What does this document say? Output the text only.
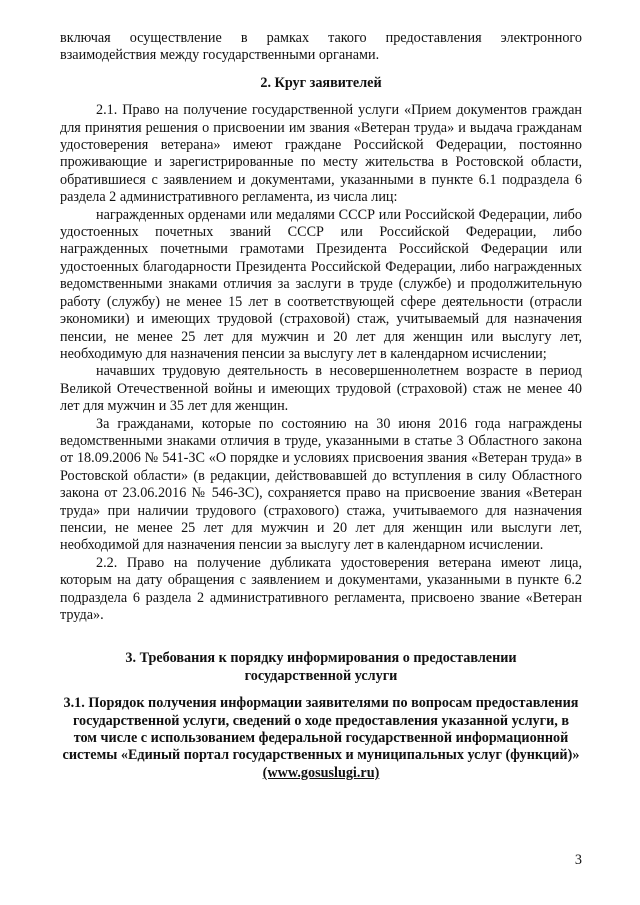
включая осуществление в рамках такого предоставления электронного взаимодействия между государственными органами.

2. Круг заявителей

2.1. Право на получение государственной услуги «Прием документов граждан для принятия решения о присвоении им звания «Ветеран труда» и выдача гражданам удостоверения ветерана» имеют граждане Российской Федерации, постоянно проживающие и зарегистрированные по месту жительства в Ростовской области, обратившиеся с заявлением и документами, указанными в пункте 6.1 подраздела 6 раздела 2 административного регламента, из числа лиц:

награжденных орденами или медалями СССР или Российской Федерации, либо удостоенных почетных званий СССР или Российской Федерации, либо награжденных почетными грамотами Президента Российской Федерации или удостоенных благодарности Президента Российской Федерации, либо награжденных ведомственными знаками отличия за заслуги в труде (службе) и продолжительную работу (службу) не менее 15 лет в соответствующей сфере деятельности (отрасли экономики) и имеющих трудовой (страховой) стаж, учитываемый для назначения пенсии, не менее 25 лет для мужчин и 20 лет для женщин или выслугу лет, необходимую для назначения пенсии за выслугу лет в календарном исчислении;

начавших трудовую деятельность в несовершеннолетнем возрасте в период Великой Отечественной войны и имеющих трудовой (страховой) стаж не менее 40 лет для мужчин и 35 лет для женщин.

За гражданами, которые по состоянию на 30 июня 2016 года награждены ведомственными знаками отличия в труде, указанными в статье 3 Областного закона от 18.09.2006 № 541-ЗС «О порядке и условиях присвоения звания «Ветеран труда» в Ростовской области» (в редакции, действовавшей до вступления в силу Областного закона от 23.06.2016 № 546-ЗС), сохраняется право на присвоение звания «Ветеран труда» при наличии трудового (страхового) стажа, учитываемого для назначения пенсии, не менее 25 лет для мужчин и 20 лет для женщин или выслуги лет, необходимой для назначения пенсии за выслугу лет в календарном исчислении.

2.2. Право на получение дубликата удостоверения ветерана имеют лица, которым на дату обращения с заявлением и документами, указанными в пункте 6.2 подраздела 6 раздела 2 административного регламента, присвоено звание «Ветеран труда».

3. Требования к порядку информирования о предоставлении
государственной услуги

3.1. Порядок получения информации заявителями по вопросам предоставления государственной услуги, сведений о ходе предоставления указанной услуги, в том числе с использованием федеральной государственной информационной системы «Единый портал государственных и муниципальных услуг (функций)» (www.gosuslugi.ru)

3
